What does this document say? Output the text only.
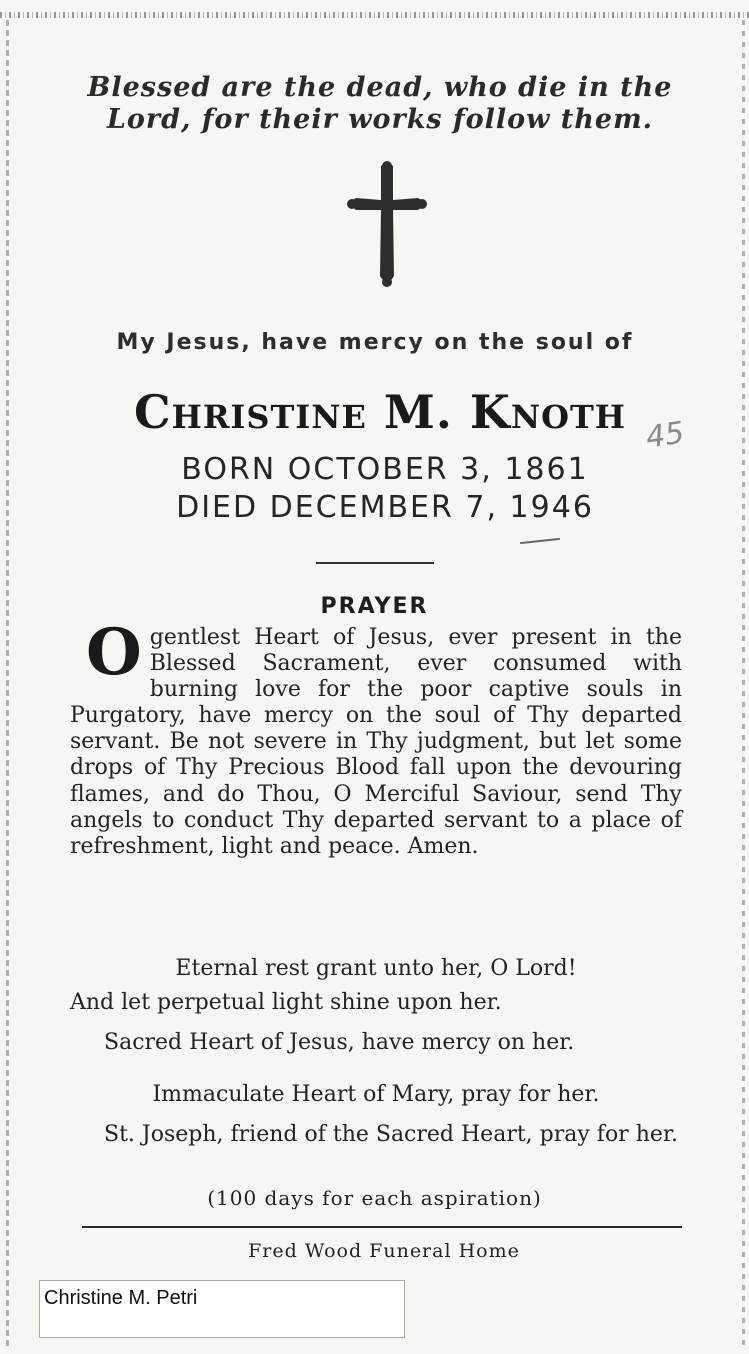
Blessed are the dead, who die in the Lord, for their works follow them.
My Jesus, have mercy on the soul of
Christine M. Knoth 45
BORN OCTOBER 3, 1861
DIED DECEMBER 7, 1946
PRAYER
O gentlest Heart of Jesus, ever present in the Blessed Sacrament, ever consumed with burning love for the poor captive souls in Purgatory, have mercy on the soul of Thy departed servant. Be not severe in Thy judgment, but let some drops of Thy Precious Blood fall upon the devouring flames, and do Thou, O Merciful Saviour, send Thy angels to conduct Thy departed servant to a place of refreshment, light and peace. Amen.
Eternal rest grant unto her, O Lord!
And let perpetual light shine upon her.
Sacred Heart of Jesus, have mercy on her.
Immaculate Heart of Mary, pray for her.
St. Joseph, friend of the Sacred Heart, pray for her.
(100 days for each aspiration)
Fred Wood Funeral Home
Christine M. Petri
